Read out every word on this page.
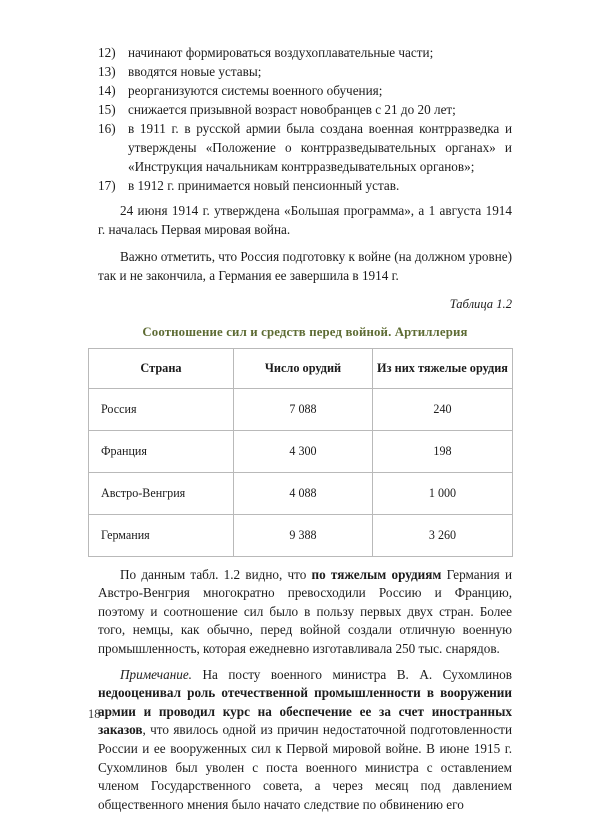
12) начинают формироваться воздухоплавательные части;
13) вводятся новые уставы;
14) реорганизуются системы военного обучения;
15) снижается призывной возраст новобранцев с 21 до 20 лет;
16) в 1911 г. в русской армии была создана военная контрразведка и утверждены «Положение о контрразведывательных органах» и «Инструкция начальникам контрразведывательных органов»;
17) в 1912 г. принимается новый пенсионный устав.

24 июня 1914 г. утверждена «Большая программа», а 1 августа 1914 г. началась Первая мировая война.

Важно отметить, что Россия подготовку к войне (на должном уровне) так и не закончила, а Германия ее завершила в 1914 г.

Таблица 1.2
Соотношение сил и средств перед войной. Артиллерия
Страна	Число орудий	Из них тяжелые орудия
Россия	7 088	240
Франция	4 300	198
Австро-Венгрия	4 088	1 000
Германия	9 388	3 260

По данным табл. 1.2 видно, что по тяжелым орудиям Германия и Австро-Венгрия многократно превосходили Россию и Францию, поэтому и соотношение сил было в пользу первых двух стран. Более того, немцы, как обычно, перед войной создали отличную военную промышленность, которая ежедневно изготавливала 250 тыс. снарядов.

Примечание. На посту военного министра В. А. Сухомлинов недооценивал роль отечественной промышленности в вооружении армии и проводил курс на обеспечение ее за счет иностранных заказов, что явилось одной из причин недостаточной подготовленности России и ее вооруженных сил к Первой мировой войне. В июне 1915 г. Сухомлинов был уволен с поста военного министра с оставлением членом Государственного совета, а через месяц под давлением общественного мнения было начато следствие по обвинению его

18
